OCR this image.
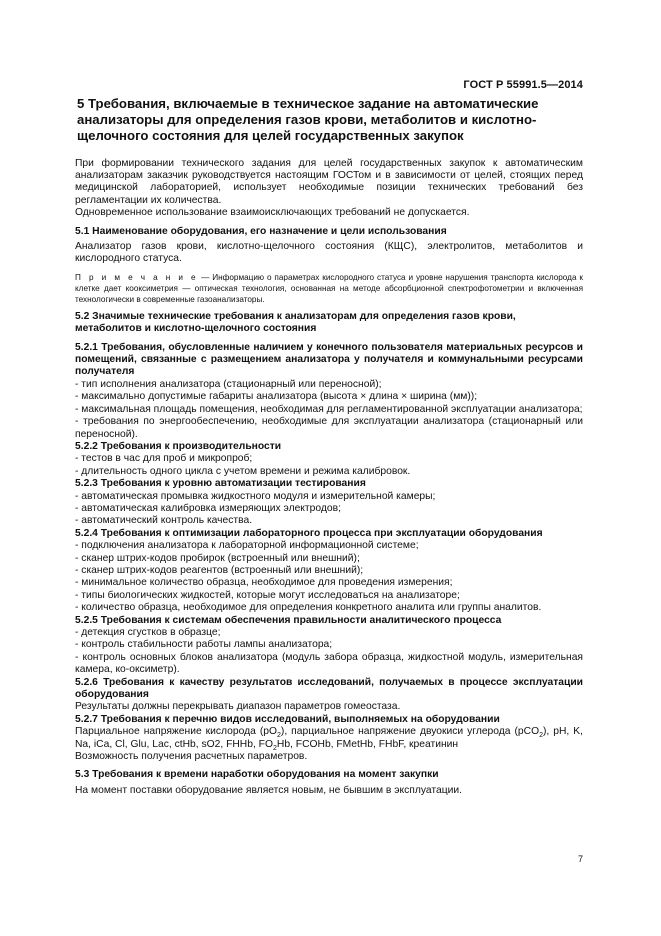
ГОСТ Р 55991.5—2014
5 Требования, включаемые в техническое задание на автоматические анализаторы для определения газов крови, метаболитов и кислотно-щелочного состояния для целей государственных закупок

При формировании технического задания для целей государственных закупок к автоматическим анализаторам заказчик руководствуется настоящим ГОСТом и в зависимости от целей, стоящих перед медицинской лабораторией, использует необходимые позиции технических требований без регламентации их количества.

Одновременное использование взаимоисключающих требований не допускается.

5.1 Наименование оборудования, его назначение и цели использования

Анализатор газов крови, кислотно-щелочного состояния (КЩС), электролитов, метаболитов и кислородного статуса.

П р и м е ч а н и е — Информацию о параметрах кислородного статуса и уровне нарушения транспорта кислорода к клетке дает кооксиметрия — оптическая технология, основанная на методе абсорбционной спектрофотометрии и включенная технологически в современные газоанализаторы.

5.2 Значимые технические требования к анализаторам для определения газов крови, метаболитов и кислотно-щелочного состояния

5.2.1 Требования, обусловленные наличием у конечного пользователя материальных ресурсов и помещений, связанные с размещением анализатора у получателя и коммунальными ресурсами получателя

- тип исполнения анализатора (стационарный или переносной);

- максимально допустимые габариты анализатора (высота × длина × ширина (мм));

- максимальная площадь помещения, необходимая для регламентированной эксплуатации анализатора;

- требования по энергообеспечению, необходимые для эксплуатации анализатора (стационарный или переносной).

5.2.2 Требования к производительности

- тестов в час для проб и микропроб;

- длительность одного цикла с учетом времени и режима калибровок.

5.2.3 Требования к уровню автоматизации тестирования

- автоматическая промывка жидкостного модуля и измерительной камеры;

- автоматическая калибровка измеряющих электродов;

- автоматический контроль качества.

5.2.4 Требования к оптимизации лабораторного процесса при эксплуатации оборудования

- подключения анализатора к лабораторной информационной системе;

- сканер штрих-кодов пробирок (встроенный или внешний);

- сканер штрих-кодов реагентов (встроенный или внешний);

- минимальное количество образца, необходимое для проведения измерения;

- типы биологических жидкостей, которые могут исследоваться на анализаторе;

- количество образца, необходимое для определения конкретного аналита или группы аналитов.

5.2.5 Требования к системам обеспечения правильности аналитического процесса

- детекция сгустков в образце;

- контроль стабильности работы лампы анализатора;

- контроль основных блоков анализатора (модуль забора образца, жидкостной модуль, измерительная камера, ко-оксиметр).

5.2.6 Требования к качеству результатов исследований, получаемых в процессе эксплуатации оборудования

Результаты должны перекрывать диапазон параметров гомеостаза.

5.2.7 Требования к перечню видов исследований, выполняемых на оборудовании

Парциальное напряжение кислорода $(pO_2)$, парциальное напряжение двуокиси углерода (pCO$_2$), pH, K, Na, iCa, Cl, Glu, Lac, ctHb, sO2, FHHb, $FO_2Hb$, FCOHb, FMetHb, FHbF, креатинин

Возможность получения расчетных параметров.

5.3 Требования к времени наработки оборудования на момент закупки

На момент поставки оборудование является новым, не бывшим в эксплуатации.

7
